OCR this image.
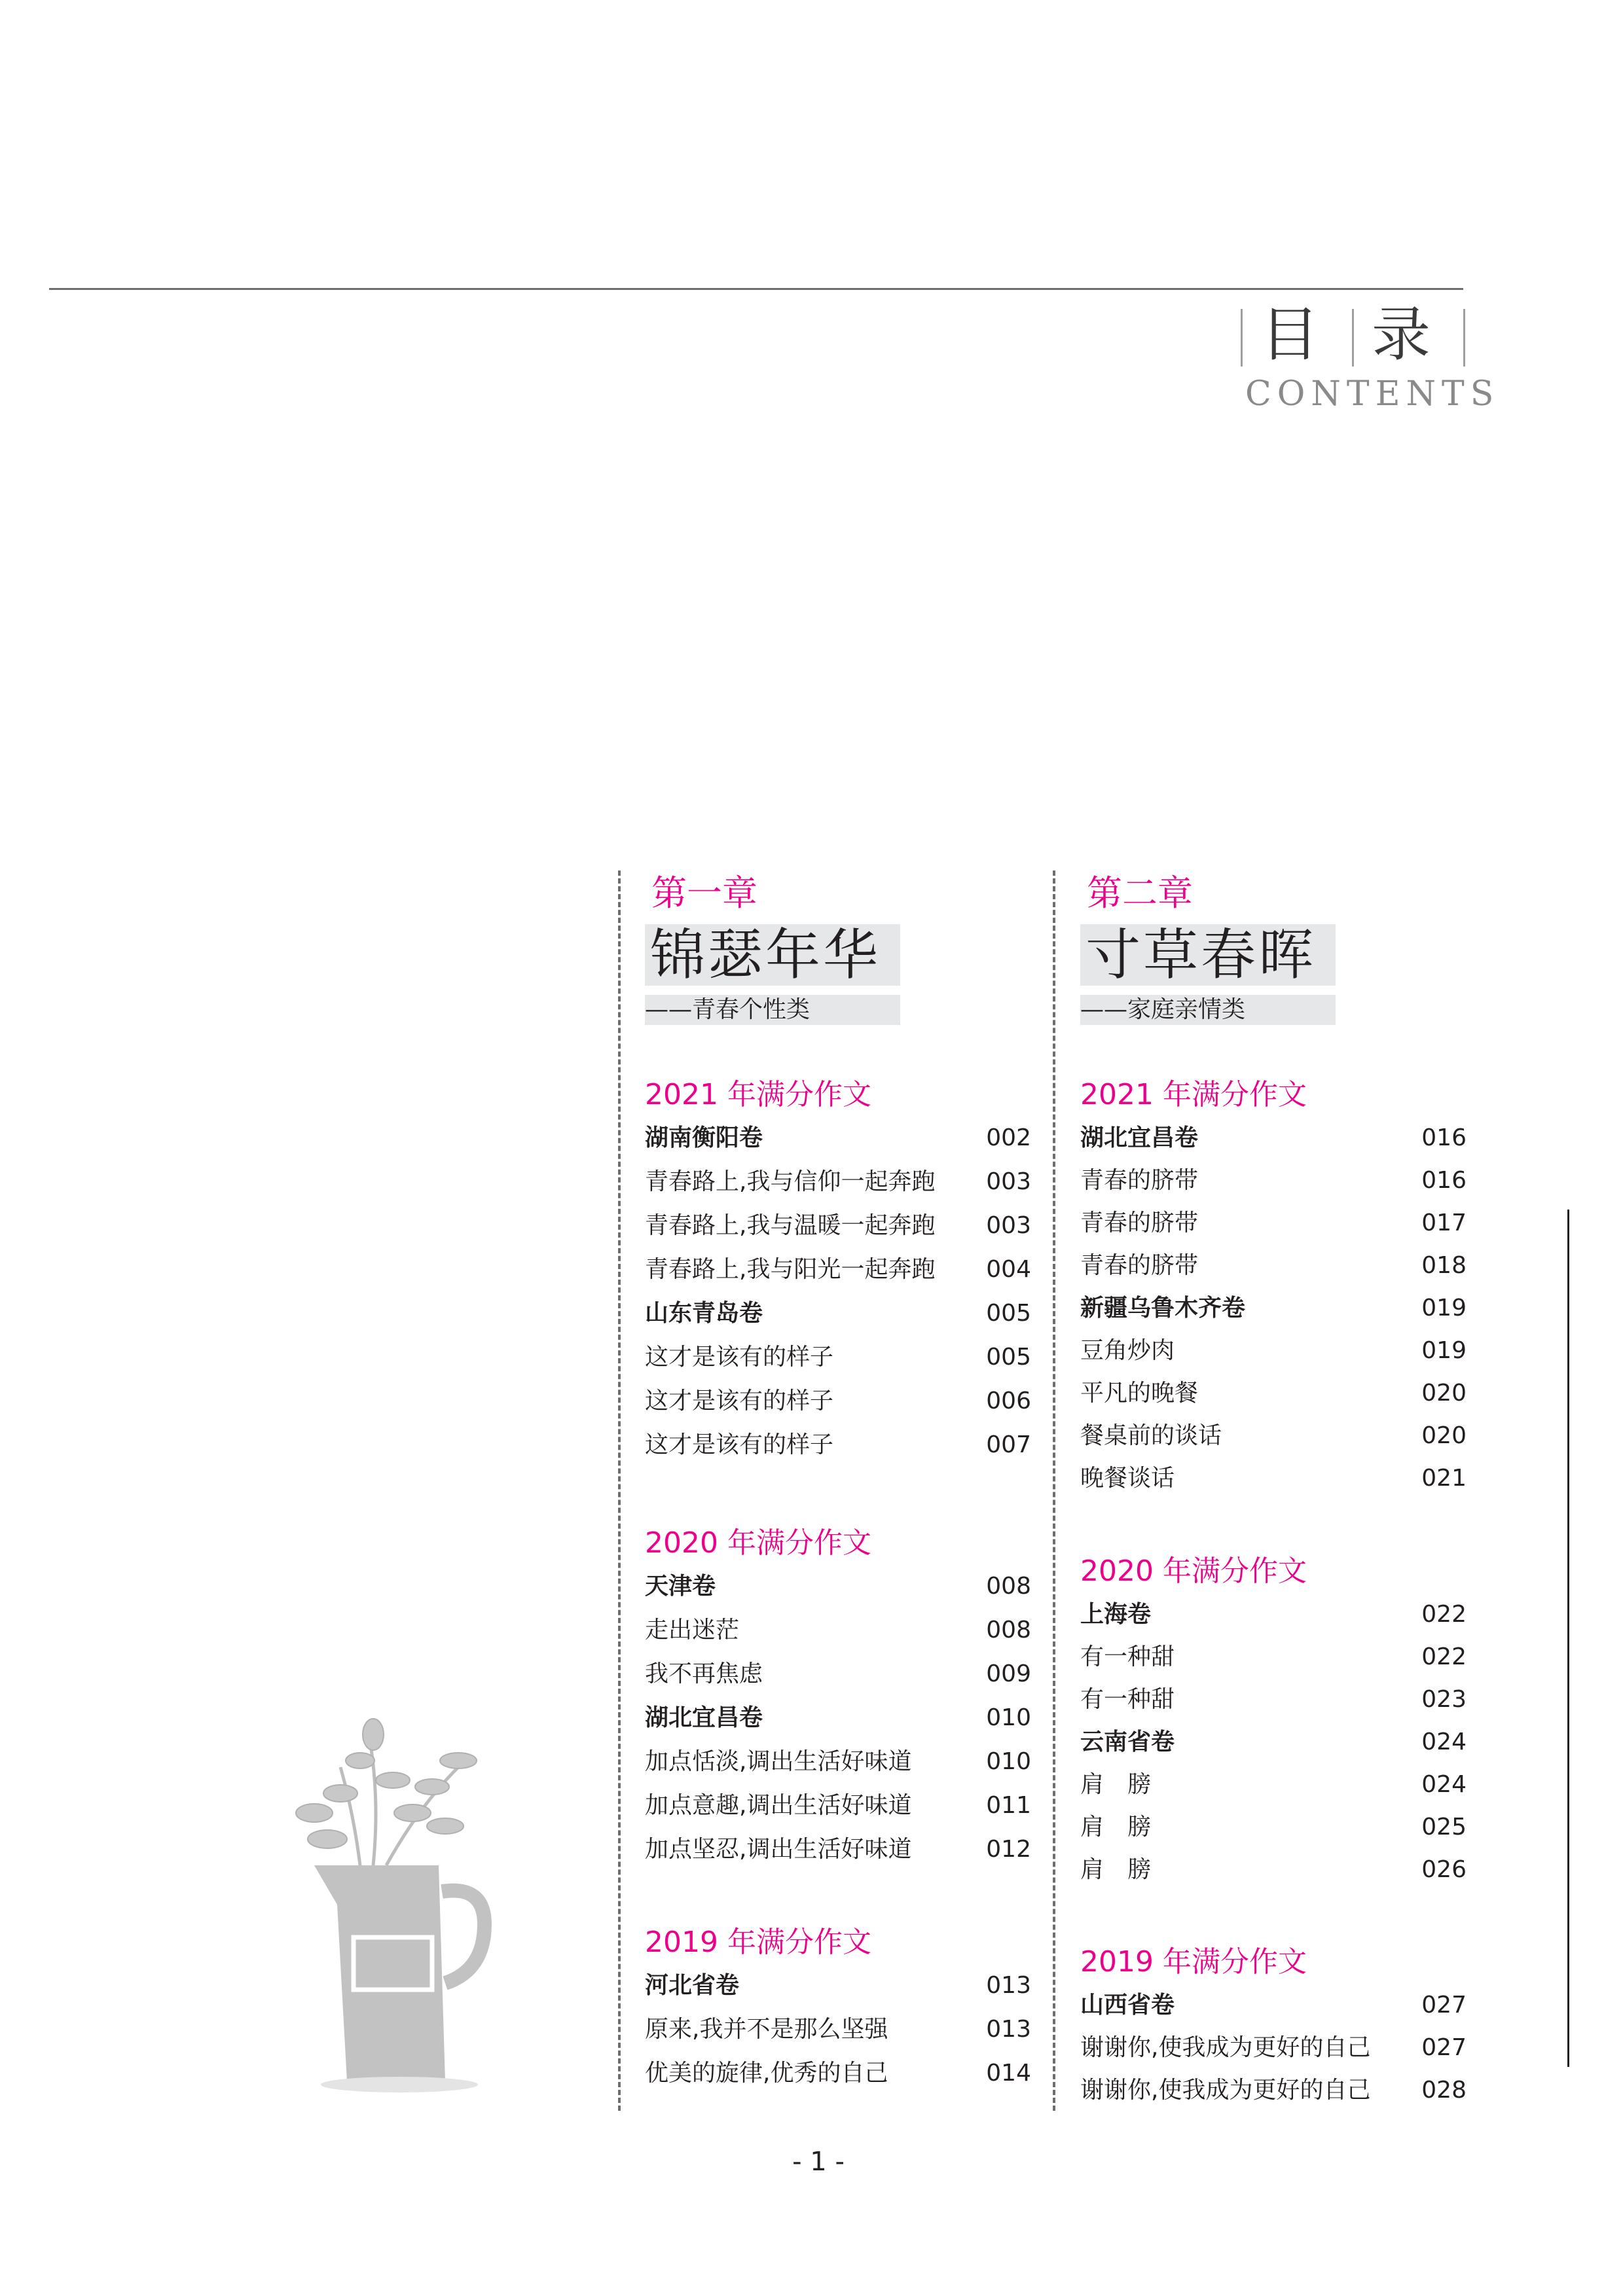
目 录
CONTENTS
第一章
锦瑟年华
——青春个性类
2021 年满分作文
湖南衡阳卷	002
青春路上,我与信仰一起奔跑 003
青春路上,我与温暖一起奔跑 003
青春路上,我与阳光一起奔跑 004
山东青岛卷	005
这才是该有的样子	005
这才是该有的样子	006
这才是该有的样子	007
2020 年满分作文
天津卷	008
走出迷茫	008
我不再焦虑	009
湖北宜昌卷	010
加点恬淡,调出生活好味道	010
加点意趣,调出生活好味道	011
加点坚忍,调出生活好味道	012
2019 年满分作文
河北省卷	013
原来,我并不是那么坚强	013
优美的旋律,优秀的自己	014
第二章
寸草春晖
——家庭亲情类
2021 年满分作文
湖北宜昌卷	016
青春的脐带	016
青春的脐带	017
青春的脐带	018
新疆乌鲁木齐卷	019
豆角炒肉	019
平凡的晚餐	020
餐桌前的谈话	020
晚餐谈话	021
2020 年满分作文
上海卷	022
有一种甜	022
有一种甜	023
云南省卷	024
肩　膀	024
肩　膀	025
肩　膀	026
2019 年满分作文
山西省卷	027
谢谢你,使我成为更好的自己 027
谢谢你,使我成为更好的自己 028
- 1 -
